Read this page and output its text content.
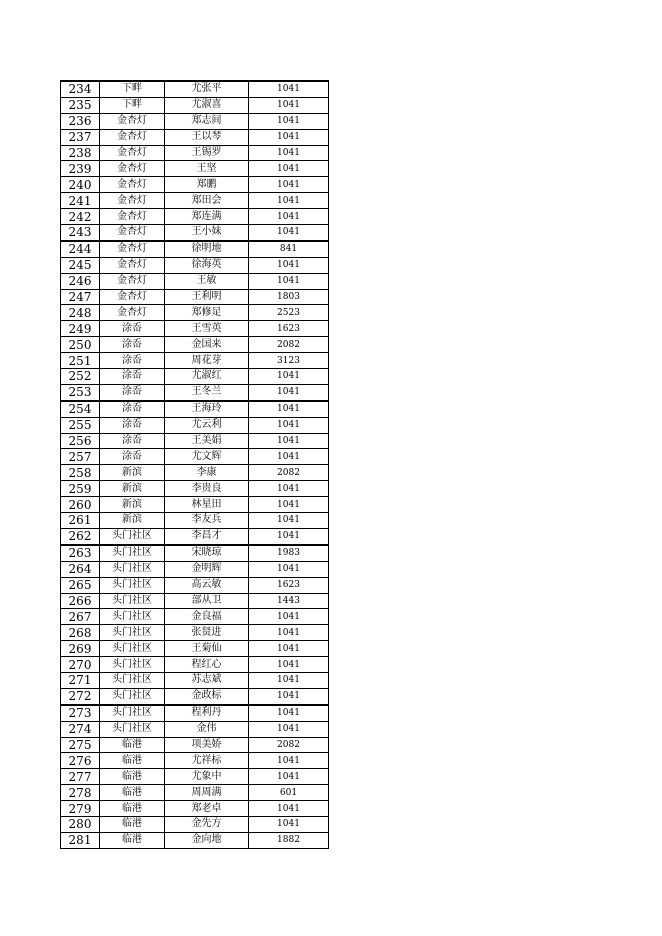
234	下畔	尤张平	1041
235	下畔	尤淑喜	1041
236	金杏灯	郑志间	1041
237	金杏灯	王以琴	1041
238	金杏灯	王锡罗	1041
239	金杏灯	王坚	1041
240	金杏灯	郑鹏	1041
241	金杏灯	郑田会	1041
242	金杏灯	郑连满	1041
243	金杏灯	王小妹	1041
244	金杏灯	徐明地	841
245	金杏灯	徐海英	1041
246	金杏灯	王敏	1041
247	金杏灯	王利明	1803
248	金杏灯	郑修足	2523
249	涂岙	王雪英	1623
250	涂岙	金国来	2082
251	涂岙	周花芽	3123
252	涂岙	尤淑红	1041
253	涂岙	王冬兰	1041
254	涂岙	王海玲	1041
255	涂岙	尤云利	1041
256	涂岙	王美娟	1041
257	涂岙	尤文辉	1041
258	新滨	李康	2082
259	新滨	李贵良	1041
260	新滨	林星田	1041
261	新滨	李友兵	1041
262	头门社区	李昌才	1041
263	头门社区	宋晓琼	1983
264	头门社区	金明辉	1041
265	头门社区	高云敏	1623
266	头门社区	部从卫	1443
267	头门社区	金良福	1041
268	头门社区	张贤进	1041
269	头门社区	王菊仙	1041
270	头门社区	程红心	1041
271	头门社区	苏志斌	1041
272	头门社区	金政标	1041
273	头门社区	程利丹	1041
274	头门社区	金伟	1041
275	临港	项美娇	2082
276	临港	尤祥标	1041
277	临港	尤象中	1041
278	临港	周周满	601
279	临港	郑老卓	1041
280	临港	金先方	1041
281	临港	金向地	1882
